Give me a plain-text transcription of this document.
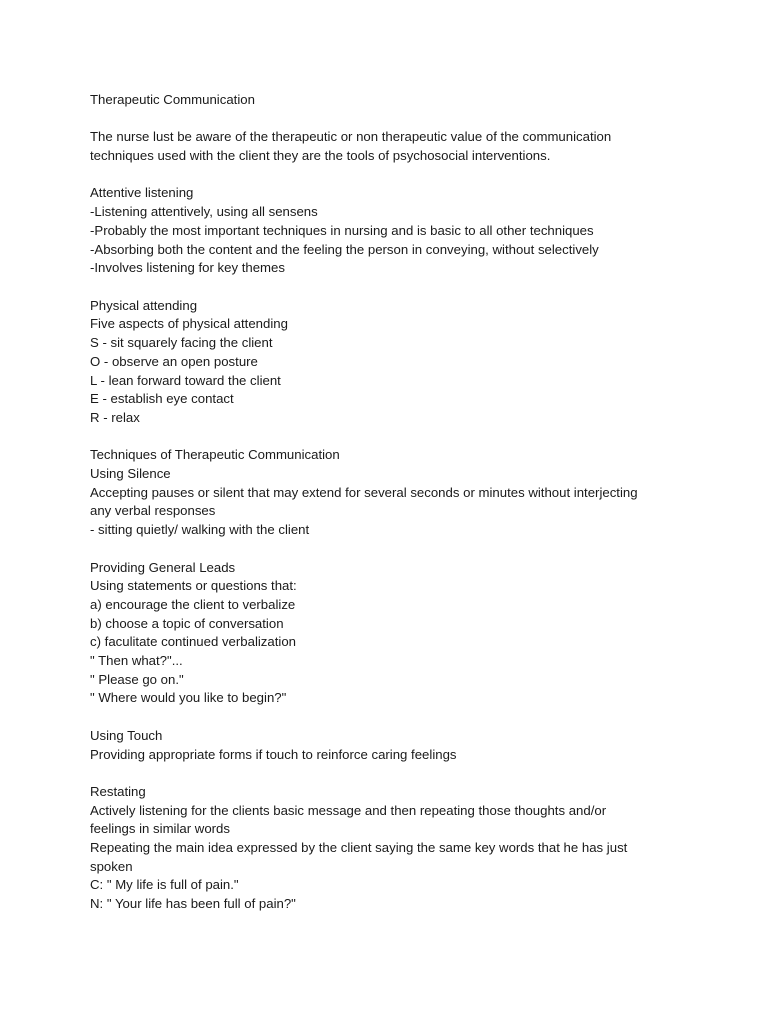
Therapeutic Communication
The nurse lust be aware of the therapeutic or non therapeutic value of the communication
techniques used with the client they are the tools of psychosocial interventions.
Attentive listening
-Listening attentively, using all sensens
-Probably the most important techniques in nursing and is basic to all other techniques
-Absorbing both the content and the feeling the person in conveying, without selectively
-Involves listening for key themes
Physical attending
Five aspects of physical attending
S - sit squarely facing the client
O - observe an open posture
L - lean forward toward the client
E - establish eye contact
R - relax
Techniques of Therapeutic Communication
Using Silence
Accepting pauses or silent that may extend for several seconds or minutes without interjecting
any verbal responses
- sitting quietly/ walking with the client
Providing General Leads
Using statements or questions that:
a) encourage the client to verbalize
b) choose a topic of conversation
c) faculitate continued verbalization
" Then what?"...
" Please go on."
" Where would you like to begin?"
Using Touch
Providing appropriate forms if touch to reinforce caring feelings
Restating
Actively listening for the clients basic message and then repeating those thoughts and/or
feelings in similar words
Repeating the main idea expressed by the client saying the same key words that he has just
spoken
C: " My life is full of pain."
N: " Your life has been full of pain?"
